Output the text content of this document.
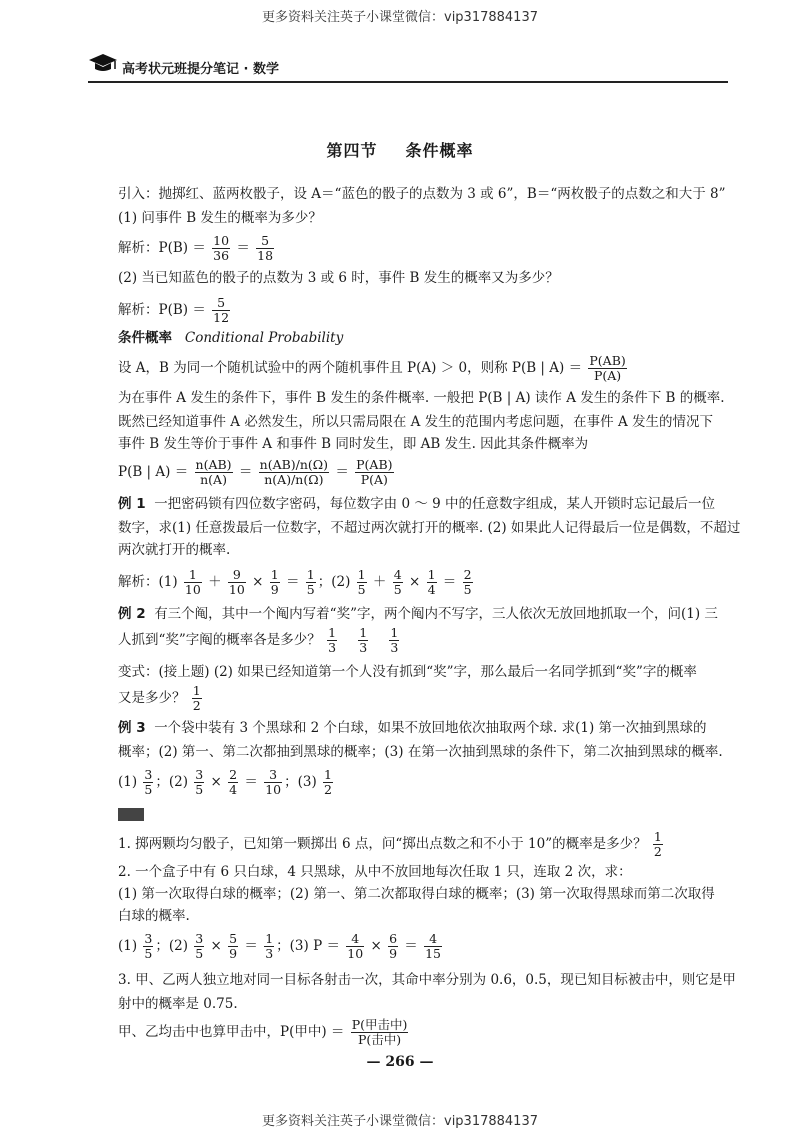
更多资料关注英子小课堂微信：vip317884137
高考状元班提分笔记 · 数学
第四节 条件概率
引入：抛掷红、蓝两枚骰子，设 A＝“蓝色的骰子的点数为 3 或 6”，B＝“两枚骰子的点数之和大于 8”
(1) 问事件 B 发生的概率为多少？
解析：$P(B) = \frac{10}{36} = \frac{5}{18}$
(2) 当已知蓝色的骰子的点数为 3 或 6 时，事件 B 发生的概率又为多少？
解析：$P(B) = \frac{5}{12}$
条件概率 Conditional Probability
设 A，B 为同一个随机试验中的两个随机事件且 P(A) ＞ 0，则称 P(B | $A) = \frac{P(AB)}{P(A)}$
为在事件 A 发生的条件下，事件 B 发生的条件概率. 一般把 P(B | A) 读作 A 发生的条件下 B 的概率.
既然已经知道事件 A 必然发生，所以只需局限在 A 发生的范围内考虑问题，在事件 A 发生的情况下
事件 B 发生等价于事件 A 和事件 B 同时发生，即 AB 发生. 因此其条件概率为
P(B | $A) = \frac{n(AB)}{n(A)} = \frac{n(AB)/n(\Omega)}{n(A)/n(\Omega)} = \frac{P(AB)}{P(A)}$
例 1 一把密码锁有四位数字密码，每位数字由 0 ～ 9 中的任意数字组成，某人开锁时忘记最后一位
数字，求(1) 任意拨最后一位数字，不超过两次就打开的概率. (2) 如果此人记得最后一位是偶数，不超过
两次就打开的概率.
解析：$(1) \frac{1}{10} + \frac{9}{10} \times \frac{1}{9} = \frac{1}{5}$ ；$(2) \frac{1}{5} + \frac{4}{5} \times \frac{1}{4} = \frac{2}{5}$
例 2 有三个阄，其中一个阄内写着“奖”字，两个阄内不写字，三人依次无放回地抓取一个，问(1) 三
人抓到“奖”字阄的概率各是多少？ $\frac{1}{3}$
$\frac{1}{3}$
$\frac{1}{3}$
变式：(接上题) (2) 如果已经知道第一个人没有抓到“奖”字，那么最后一名同学抓到“奖”字的概率
又是多少？ $\frac{1}{2}$
例 3 一个袋中装有 3 个黑球和 2 个白球，如果不放回地依次抽取两个球. 求(1) 第一次抽到黑球的
概率；(2) 第一、第二次都抽到黑球的概率；(3) 在第一次抽到黑球的条件下，第二次抽到黑球的概率.
$(1) \frac{3}{5}$ ；$(2) \frac{3}{5} \times \frac{2}{4} = \frac{3}{10}$ ；$(3) \frac{1}{2}$
1. 掷两颗均匀骰子，已知第一颗掷出 6 点，问“掷出点数之和不小于 10”的概率是多少？ $\frac{1}{2}$
2. 一个盒子中有 6 只白球，4 只黑球，从中不放回地每次任取 1 只，连取 2 次，求：
(1) 第一次取得白球的概率；(2) 第一、第二次都取得白球的概率；(3) 第一次取得黑球而第二次取得
白球的概率.
$(1) \frac{3}{5}$ ；$(2) \frac{3}{5} \times \frac{5}{9} = \frac{1}{3}$ ；(3) $P = \frac{4}{10} \times \frac{6}{9} = \frac{4}{15}$
3. 甲、乙两人独立地对同一目标各射击一次，其命中率分别为 0.6，0.5，现已知目标被击中，则它是甲
射中的概率是 0.75.
甲、乙均击中也算甲击中，P(甲中) ＝ $\frac{\text{P(甲击中)}}{\text{P(击中)}}$
— 266 —
更多资料关注英子小课堂微信：vip317884137
